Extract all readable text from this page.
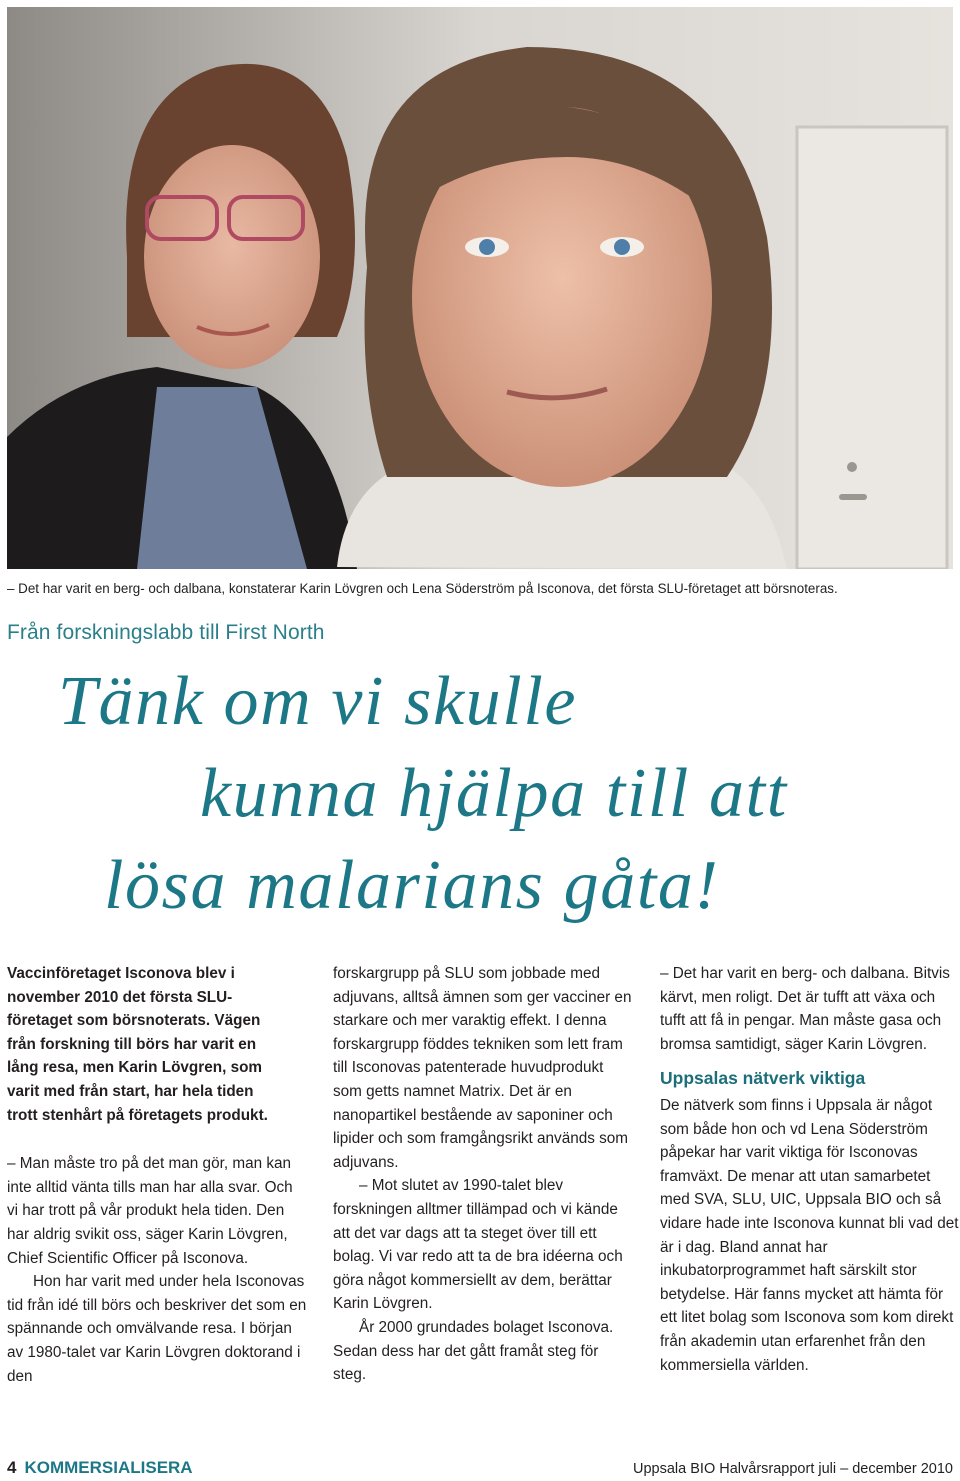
– Det har varit en berg- och dalbana, konstaterar Karin Lövgren och Lena Söderström på Isconova, det första SLU-företaget att börsnoteras.
Från forskningslabb till First North
Tänk om vi skulle
kunna hjälpa till att
lösa malarians gåta!
Vaccinföretaget Isconova blev i
november 2010 det första SLU-
företaget som börsnoterats. Vägen
från forskning till börs har varit en
lång resa, men Karin Lövgren, som
varit med från start, har hela tiden
trott stenhårt på företagets produkt.

– Man måste tro på det man gör, man kan inte alltid vänta tills man har alla svar. Och vi har trott på vår produkt hela tiden. Den har aldrig svikit oss, säger Karin Lövgren, Chief Scientific Officer på Isconova.

Hon har varit med under hela Isconovas tid från idé till börs och beskriver det som en spännande och omvälvande resa. I början av 1980-talet var Karin Lövgren doktorand i den

forskargrupp på SLU som jobbade med adjuvans, alltså ämnen som ger vacciner en starkare och mer varaktig effekt. I denna forskargrupp föddes tekniken som lett fram till Isconovas patenterade huvudprodukt som getts namnet Matrix. Det är en nanopartikel bestående av saponiner och lipider och som framgångsrikt används som adjuvans.

– Mot slutet av 1990-talet blev forskningen alltmer tillämpad och vi kände att det var dags att ta steget över till ett bolag. Vi var redo att ta de bra idéerna och göra något kommersiellt av dem, berättar Karin Lövgren.

År 2000 grundades bolaget Isconova. Sedan dess har det gått framåt steg för steg.

– Det har varit en berg- och dalbana. Bitvis kärvt, men roligt. Det är tufft att växa och tufft att få in pengar. Man måste gasa och bromsa samtidigt, säger Karin Lövgren.

Uppsalas nätverk viktiga

De nätverk som finns i Uppsala är något som både hon och vd Lena Söderström påpekar har varit viktiga för Isconovas framväxt. De menar att utan samarbetet med SVA, SLU, UIC, Uppsala BIO och så vidare hade inte Isconova kunnat bli vad det är i dag. Bland annat har inkubatorprogrammet haft särskilt stor betydelse. Här fanns mycket att hämta för ett litet bolag som Isconova som kom direkt från akademin utan erfarenhet från den kommersiella världen.

4 KOMMERSIALISERA	Uppsala BIO Halvårsrapport juli – december 2010
